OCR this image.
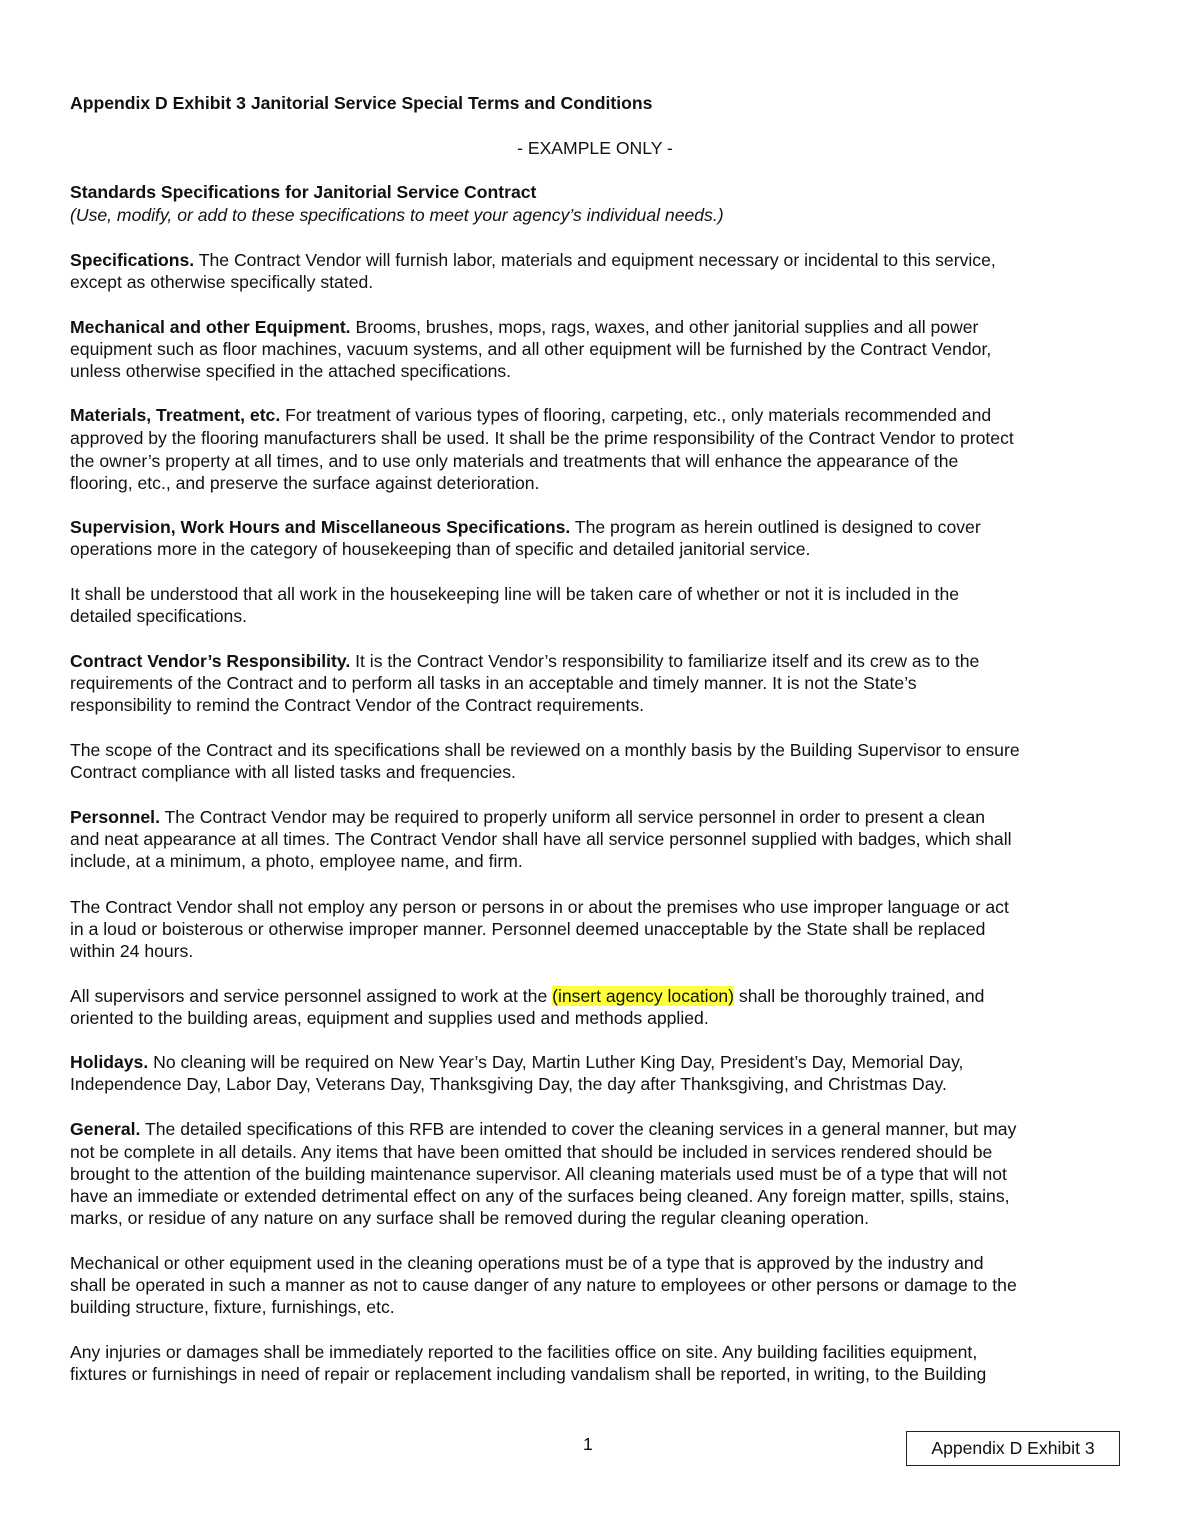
Appendix D Exhibit 3 Janitorial Service Special Terms and Conditions
- EXAMPLE ONLY -
Standards Specifications for Janitorial Service Contract
(Use, modify, or add to these specifications to meet your agency’s individual needs.)
Specifications. The Contract Vendor will furnish labor, materials and equipment necessary or incidental to this service,
except as otherwise specifically stated.
Mechanical and other Equipment. Brooms, brushes, mops, rags, waxes, and other janitorial supplies and all power
equipment such as floor machines, vacuum systems, and all other equipment will be furnished by the Contract Vendor,
unless otherwise specified in the attached specifications.
Materials, Treatment, etc. For treatment of various types of flooring, carpeting, etc., only materials recommended and
approved by the flooring manufacturers shall be used. It shall be the prime responsibility of the Contract Vendor to protect
the owner’s property at all times, and to use only materials and treatments that will enhance the appearance of the
flooring, etc., and preserve the surface against deterioration.
Supervision, Work Hours and Miscellaneous Specifications. The program as herein outlined is designed to cover
operations more in the category of housekeeping than of specific and detailed janitorial service.
It shall be understood that all work in the housekeeping line will be taken care of whether or not it is included in the
detailed specifications.
Contract Vendor’s Responsibility. It is the Contract Vendor’s responsibility to familiarize itself and its crew as to the
requirements of the Contract and to perform all tasks in an acceptable and timely manner. It is not the State’s
responsibility to remind the Contract Vendor of the Contract requirements.
The scope of the Contract and its specifications shall be reviewed on a monthly basis by the Building Supervisor to ensure
Contract compliance with all listed tasks and frequencies.
Personnel. The Contract Vendor may be required to properly uniform all service personnel in order to present a clean
and neat appearance at all times. The Contract Vendor shall have all service personnel supplied with badges, which shall
include, at a minimum, a photo, employee name, and firm.
The Contract Vendor shall not employ any person or persons in or about the premises who use improper language or act
in a loud or boisterous or otherwise improper manner. Personnel deemed unacceptable by the State shall be replaced
within 24 hours.
All supervisors and service personnel assigned to work at the (insert agency location) shall be thoroughly trained, and
oriented to the building areas, equipment and supplies used and methods applied.
Holidays. No cleaning will be required on New Year’s Day, Martin Luther King Day, President’s Day, Memorial Day,
Independence Day, Labor Day, Veterans Day, Thanksgiving Day, the day after Thanksgiving, and Christmas Day.
General. The detailed specifications of this RFB are intended to cover the cleaning services in a general manner, but may
not be complete in all details. Any items that have been omitted that should be included in services rendered should be
brought to the attention of the building maintenance supervisor. All cleaning materials used must be of a type that will not
have an immediate or extended detrimental effect on any of the surfaces being cleaned. Any foreign matter, spills, stains,
marks, or residue of any nature on any surface shall be removed during the regular cleaning operation.
Mechanical or other equipment used in the cleaning operations must be of a type that is approved by the industry and
shall be operated in such a manner as not to cause danger of any nature to employees or other persons or damage to the
building structure, fixture, furnishings, etc.
Any injuries or damages shall be immediately reported to the facilities office on site. Any building facilities equipment,
fixtures or furnishings in need of repair or replacement including vandalism shall be reported, in writing, to the Building
1	Appendix D Exhibit 3
